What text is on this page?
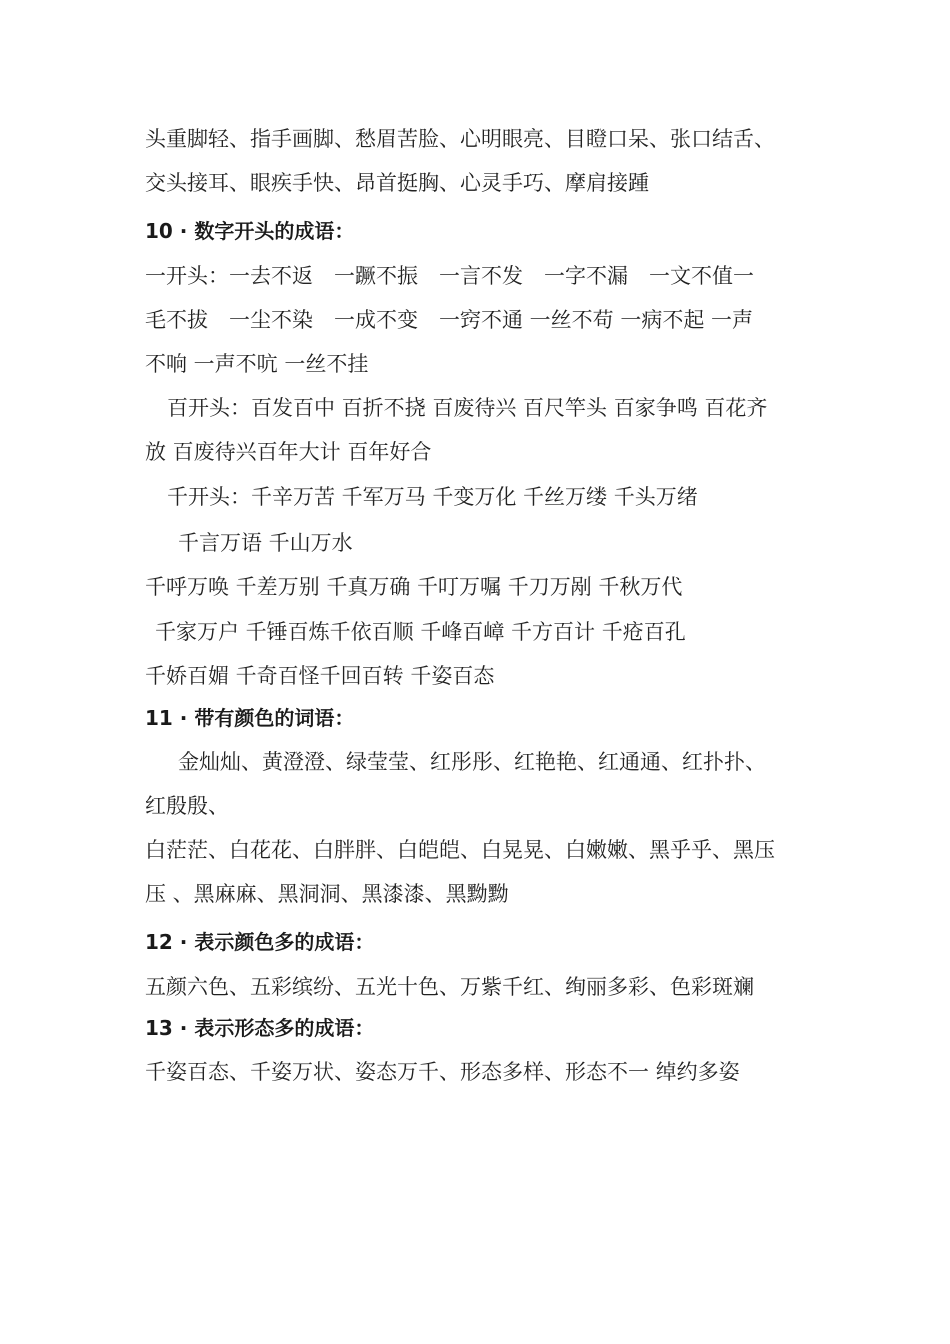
头重脚轻、指手画脚、愁眉苦脸、心明眼亮、目瞪口呆、张口结舌、
交头接耳、眼疾手快、昂首挺胸、心灵手巧、摩肩接踵
10 · 数字开头的成语：
一开头：一去不返　一蹶不振　一言不发　一字不漏　一文不值一
毛不拔　一尘不染　一成不变　一窍不通 一丝不苟 一病不起 一声
不响 一声不吭 一丝不挂
百开头：百发百中 百折不挠 百废待兴 百尺竿头 百家争鸣 百花齐
放 百废待兴百年大计 百年好合
千开头：千辛万苦 千军万马 千变万化 千丝万缕 千头万绪
千言万语 千山万水
千呼万唤 千差万别 千真万确 千叮万嘱 千刀万剐 千秋万代
千家万户 千锤百炼千依百顺 千峰百嶂 千方百计 千疮百孔
千娇百媚 千奇百怪千回百转 千姿百态
11 · 带有颜色的词语：
金灿灿、黄澄澄、绿莹莹、红彤彤、红艳艳、红通通、红扑扑、
红殷殷、
白茫茫、白花花、白胖胖、白皑皑、白晃晃、白嫩嫩、黑乎乎、黑压
压 、黑麻麻、黑洞洞、黑漆漆、黑黝黝
12 · 表示颜色多的成语：
五颜六色、五彩缤纷、五光十色、万紫千红、绚丽多彩、色彩斑斓
13 · 表示形态多的成语：
千姿百态、千姿万状、姿态万千、形态多样、形态不一 绰约多姿
